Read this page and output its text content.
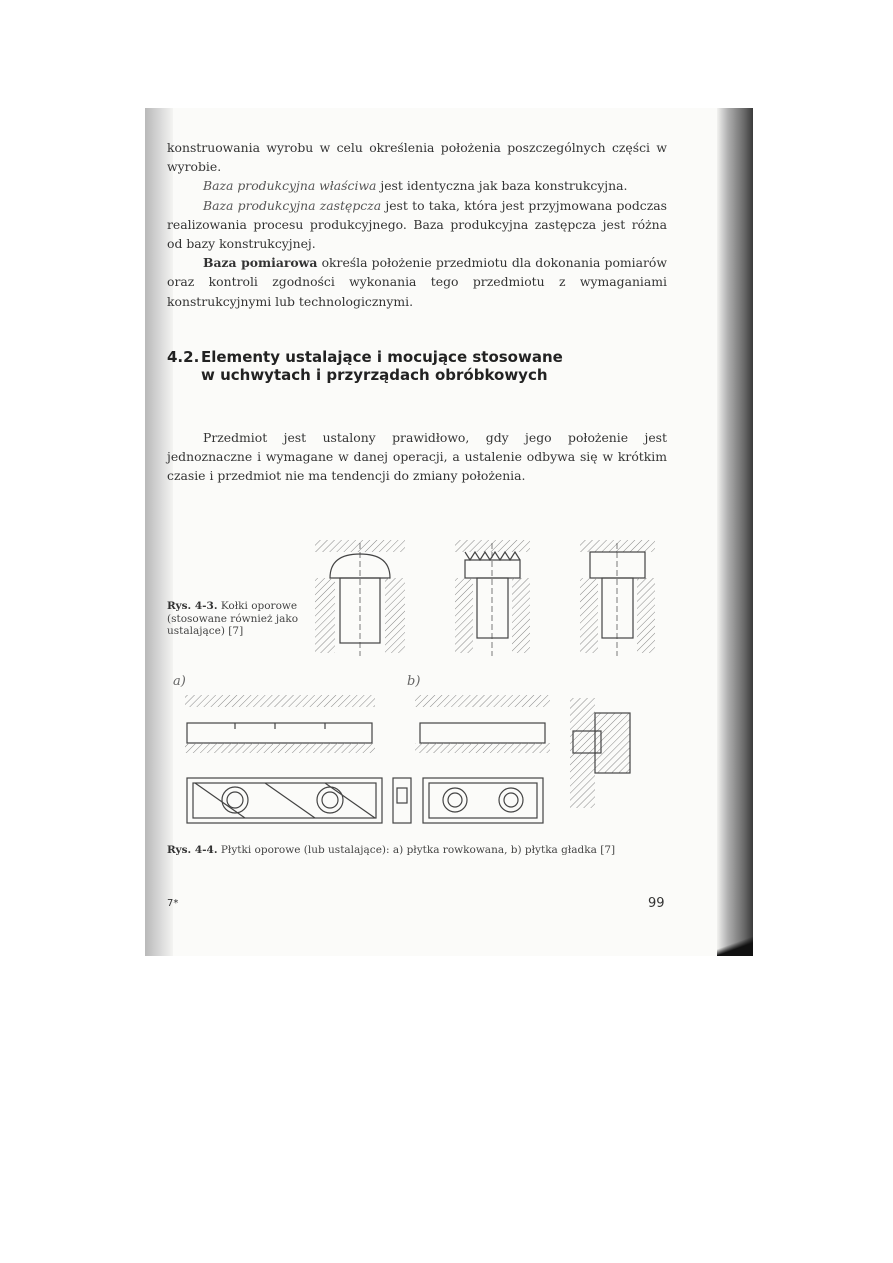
konstruowania wyrobu w celu określenia położenia poszczególnych części w wyrobie.

Baza produkcyjna właściwa jest identyczna jak baza konstrukcyjna.

Baza produkcyjna zastępcza jest to taka, która jest przyjmowana podczas realizowania procesu produkcyjnego. Baza produkcyjna zastępcza jest różna od bazy konstrukcyjnej.

Baza pomiarowa określa położenie przedmiotu dla dokonania pomiarów oraz kontroli zgodności wykonania tego przedmiotu z wymaganiami konstrukcyjnymi lub technologicznymi.

4.2. Elementy ustalające i mocujące stosowane
w uchwytach i przyrządach obróbkowych

Przedmiot jest ustalony prawidłowo, gdy jego położenie jest jednoznaczne i wymagane w danej operacji, a ustalenie odbywa się w krótkim czasie i przedmiot nie ma tendencji do zmiany położenia.

Rys. 4-3. Kołki oporowe (stosowane również jako ustalające) [7]
a)	b)
Rys. 4-4. Płytki oporowe (lub ustalające): a) płytka rowkowana, b) płytka gładka [7]
7*	99
